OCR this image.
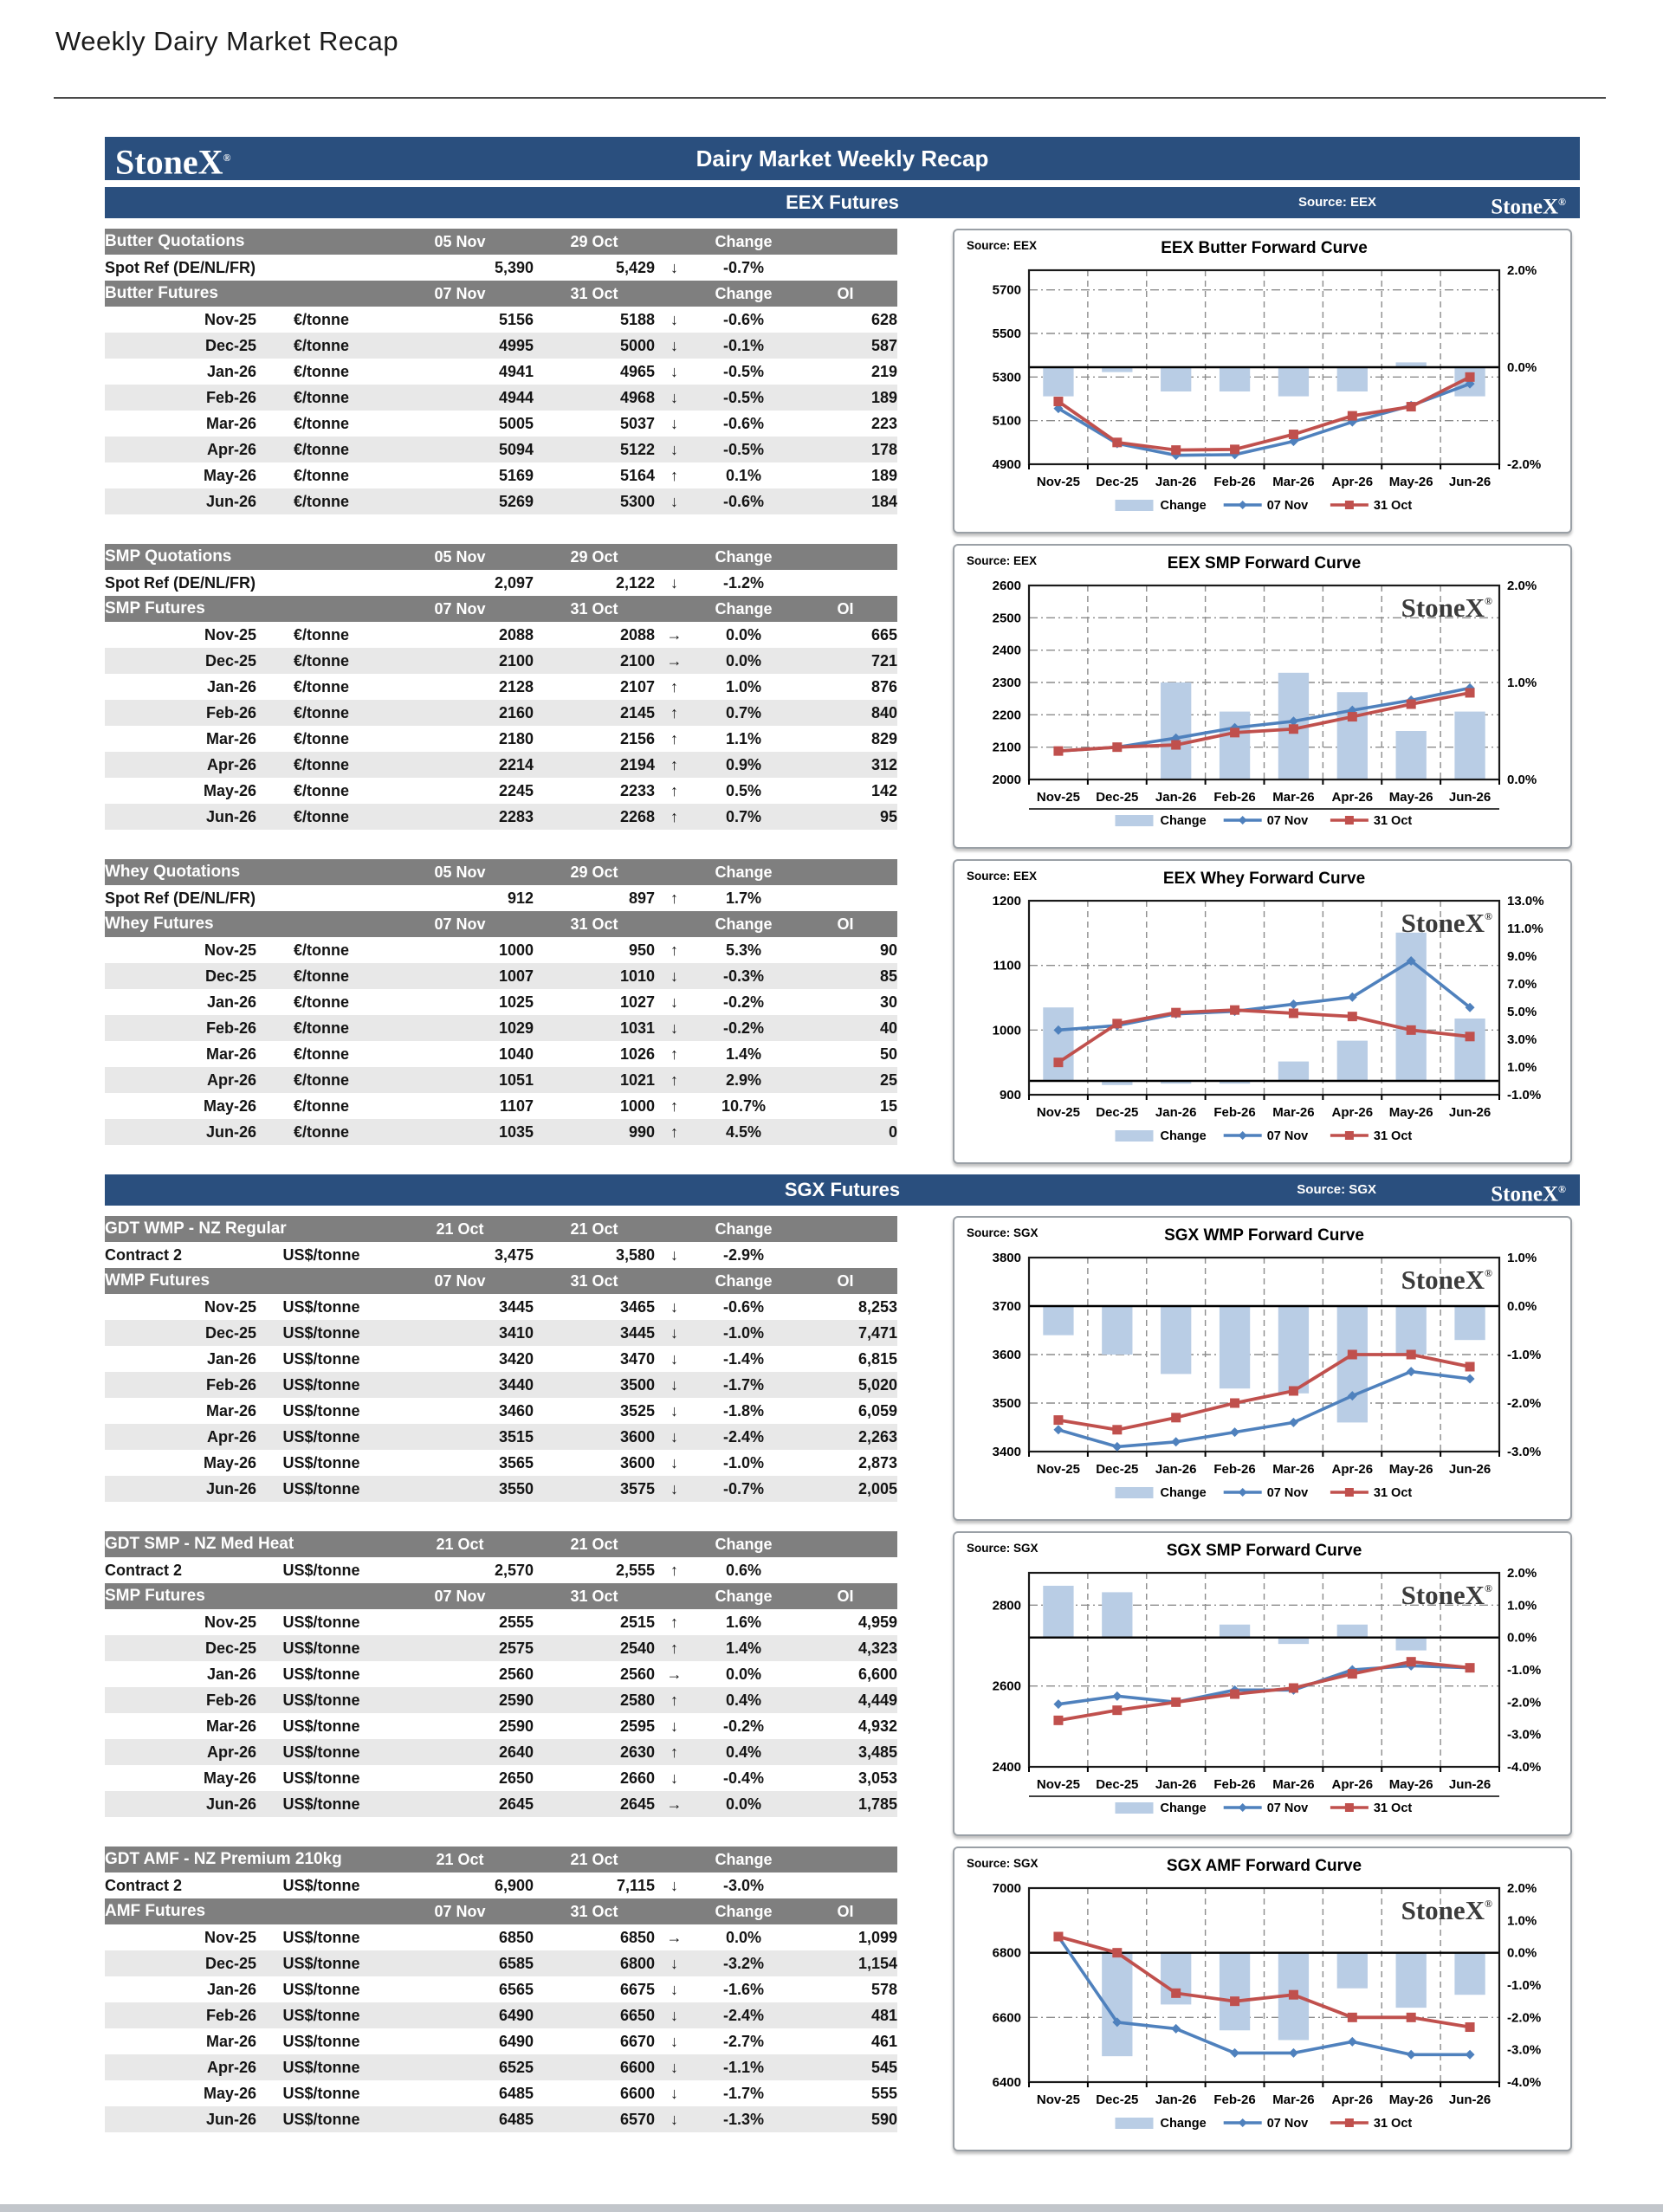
Weekly Dairy Market Recap
StoneX®	Dairy Market Weekly Recap
EEX Futures	Source: EEX	StoneX®
Butter Quotations		05 Nov	29 Oct		Change	
Spot Ref (DE/NL/FR)		5,390	5,429	↓	-0.7%	
Butter Futures		07 Nov	31 Oct		Change	OI
Nov-25	€/tonne	5156	5188	↓	-0.6%	628
Dec-25	€/tonne	4995	5000	↓	-0.1%	587
Jan-26	€/tonne	4941	4965	↓	-0.5%	219
Feb-26	€/tonne	4944	4968	↓	-0.5%	189
Mar-26	€/tonne	5005	5037	↓	-0.6%	223
Apr-26	€/tonne	5094	5122	↓	-0.5%	178
May-26	€/tonne	5169	5164	↑	0.1%	189
Jun-26	€/tonne	5269	5300	↓	-0.6%	184
Source: EEX	EEX Butter Forward Curve
5700
5500
5300
5100
4900
2.0%
0.0%
-2.0%
Nov-25 Dec-25 Jan-26 Feb-26 Mar-26 Apr-26 May-26 Jun-26
Change	07 Nov	31 Oct
SMP Quotations		05 Nov	29 Oct		Change	
Spot Ref (DE/NL/FR)		2,097	2,122	↓	-1.2%	
SMP Futures		07 Nov	31 Oct		Change	OI
Nov-25	€/tonne	2088	2088	→	0.0%	665
Dec-25	€/tonne	2100	2100	→	0.0%	721
Jan-26	€/tonne	2128	2107	↑	1.0%	876
Feb-26	€/tonne	2160	2145	↑	0.7%	840
Mar-26	€/tonne	2180	2156	↑	1.1%	829
Apr-26	€/tonne	2214	2194	↑	0.9%	312
May-26	€/tonne	2245	2233	↑	0.5%	142
Jun-26	€/tonne	2283	2268	↑	0.7%	95
Source: EEX	EEX SMP Forward Curve
2600
2500
2400
2300
2200
2100
2000
2.0%
1.0%
0.0%
Nov-25 Dec-25 Jan-26 Feb-26 Mar-26 Apr-26 May-26 Jun-26
StoneX®
Change	07 Nov	31 Oct
Whey Quotations		05 Nov	29 Oct		Change	
Spot Ref (DE/NL/FR)		912	897	↑	1.7%	
Whey Futures		07 Nov	31 Oct		Change	OI
Nov-25	€/tonne	1000	950	↑	5.3%	90
Dec-25	€/tonne	1007	1010	↓	-0.3%	85
Jan-26	€/tonne	1025	1027	↓	-0.2%	30
Feb-26	€/tonne	1029	1031	↓	-0.2%	40
Mar-26	€/tonne	1040	1026	↑	1.4%	50
Apr-26	€/tonne	1051	1021	↑	2.9%	25
May-26	€/tonne	1107	1000	↑	10.7%	15
Jun-26	€/tonne	1035	990	↑	4.5%	0
Source: EEX	EEX Whey Forward Curve
1200
1100
1000
900
13.0%
11.0%
9.0%
7.0%
5.0%
3.0%
1.0%
-1.0%
Nov-25 Dec-25 Jan-26 Feb-26 Mar-26 Apr-26 May-26 Jun-26
StoneX®
Change	07 Nov	31 Oct
SGX Futures	Source: SGX	StoneX®
GDT WMP - NZ Regular		21 Oct	21 Oct		Change	
Contract 2	US$/tonne	3,475	3,580	↓	-2.9%	
WMP Futures		07 Nov	31 Oct		Change	OI
Nov-25	US$/tonne	3445	3465	↓	-0.6%	8,253
Dec-25	US$/tonne	3410	3445	↓	-1.0%	7,471
Jan-26	US$/tonne	3420	3470	↓	-1.4%	6,815
Feb-26	US$/tonne	3440	3500	↓	-1.7%	5,020
Mar-26	US$/tonne	3460	3525	↓	-1.8%	6,059
Apr-26	US$/tonne	3515	3600	↓	-2.4%	2,263
May-26	US$/tonne	3565	3600	↓	-1.0%	2,873
Jun-26	US$/tonne	3550	3575	↓	-0.7%	2,005
Source: SGX	SGX WMP Forward Curve
3800
3700
3600
3500
3400
1.0%
0.0%
-1.0%
-2.0%
-3.0%
Nov-25 Dec-25 Jan-26 Feb-26 Mar-26 Apr-26 May-26 Jun-26
StoneX®
Change	07 Nov	31 Oct
GDT SMP - NZ Med Heat		21 Oct	21 Oct		Change	
Contract 2	US$/tonne	2,570	2,555	↑	0.6%	
SMP Futures		07 Nov	31 Oct		Change	OI
Nov-25	US$/tonne	2555	2515	↑	1.6%	4,959
Dec-25	US$/tonne	2575	2540	↑	1.4%	4,323
Jan-26	US$/tonne	2560	2560	→	0.0%	6,600
Feb-26	US$/tonne	2590	2580	↑	0.4%	4,449
Mar-26	US$/tonne	2590	2595	↓	-0.2%	4,932
Apr-26	US$/tonne	2640	2630	↑	0.4%	3,485
May-26	US$/tonne	2650	2660	↓	-0.4%	3,053
Jun-26	US$/tonne	2645	2645	→	0.0%	1,785
Source: SGX	SGX SMP Forward Curve
2800
2600
2400
2.0%
1.0%
0.0%
-1.0%
-2.0%
-3.0%
-4.0%
Nov-25 Dec-25 Jan-26 Feb-26 Mar-26 Apr-26 May-26 Jun-26
StoneX®
Change	07 Nov	31 Oct
GDT AMF - NZ Premium 210kg		21 Oct	21 Oct		Change	
Contract 2	US$/tonne	6,900	7,115	↓	-3.0%	
AMF Futures		07 Nov	31 Oct		Change	OI
Nov-25	US$/tonne	6850	6850	→	0.0%	1,099
Dec-25	US$/tonne	6585	6800	↓	-3.2%	1,154
Jan-26	US$/tonne	6565	6675	↓	-1.6%	578
Feb-26	US$/tonne	6490	6650	↓	-2.4%	481
Mar-26	US$/tonne	6490	6670	↓	-2.7%	461
Apr-26	US$/tonne	6525	6600	↓	-1.1%	545
May-26	US$/tonne	6485	6600	↓	-1.7%	555
Jun-26	US$/tonne	6485	6570	↓	-1.3%	590
Source: SGX	SGX AMF Forward Curve
7000
6800
6600
6400
2.0%
1.0%
0.0%
-1.0%
-2.0%
-3.0%
-4.0%
Nov-25 Dec-25 Jan-26 Feb-26 Mar-26 Apr-26 May-26 Jun-26
StoneX®
Change	07 Nov	31 Oct
